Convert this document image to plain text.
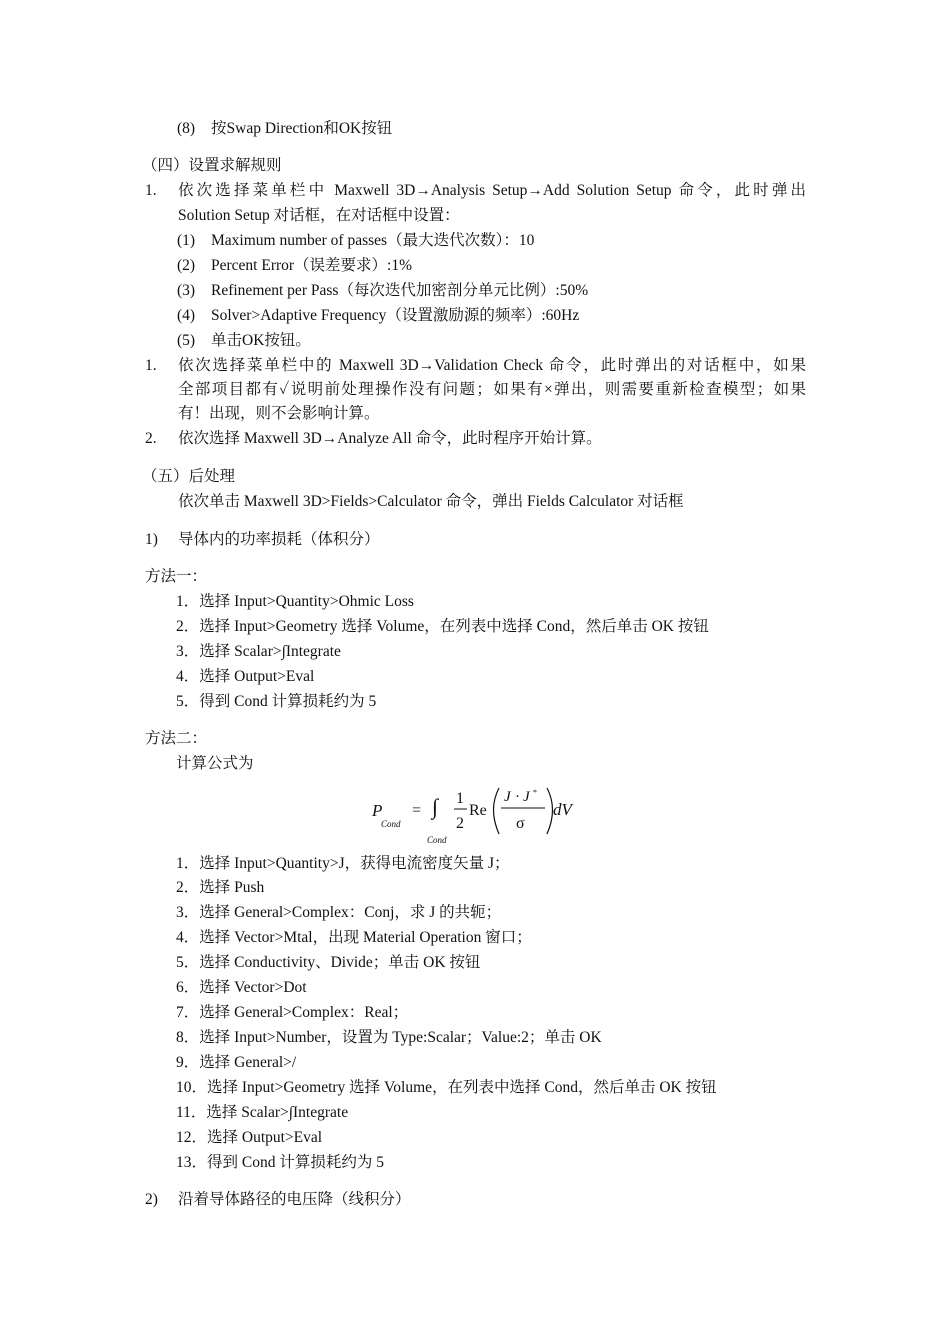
(8) 按Swap Direction和OK按钮
（四）设置求解规则
1. 依次选择菜单栏中 Maxwell 3D→Analysis Setup→Add Solution Setup 命令，此时弹出
Solution Setup 对话框，在对话框中设置：
(1) Maximum number of passes（最大迭代次数）：10
(2) Percent Error（误差要求）:1%
(3) Refinement per Pass（每次迭代加密剖分单元比例）:50%
(4) Solver>Adaptive Frequency（设置激励源的频率）:60Hz
(5) 单击OK按钮。
1. 依次选择菜单栏中的 Maxwell 3D→Validation Check 命令，此时弹出的对话框中，如果
全部项目都有✓说明前处理操作没有问题；如果有×弹出，则需要重新检查模型；如果
有！出现，则不会影响计算。
2. 依次选择 Maxwell 3D→Analyze All 命令，此时程序开始计算。
（五）后处理
依次单击 Maxwell 3D>Fields>Calculator 命令，弹出 Fields Calculator 对话框
1) 导体内的功率损耗（体积分）
方法一：
1．选择 Input>Quantity>Ohmic Loss
2．选择 Input>Geometry 选择 Volume，在列表中选择 Cond，然后单击 OK 按钮
3．选择 Scalar>∫Integrate
4．选择 Output>Eval
5．得到 Cond 计算损耗约为 5
方法二：
计算公式为
P
Cond
= ∫
Cond
1
2
Re
J · J *
σ
dV
1．选择 Input>Quantity>J，获得电流密度矢量 J；
2．选择 Push
3．选择 General>Complex：Conj，求 J 的共轭；
4．选择 Vector>Mtal，出现 Material Operation 窗口；
5．选择 Conductivity、Divide；单击 OK 按钮
6．选择 Vector>Dot
7．选择 General>Complex：Real；
8．选择 Input>Number，设置为 Type:Scalar；Value:2；单击 OK
9．选择 General>/
10．选择 Input>Geometry 选择 Volume，在列表中选择 Cond，然后单击 OK 按钮
11．选择 Scalar>∫Integrate
12．选择 Output>Eval
13．得到 Cond 计算损耗约为 5
2) 沿着导体路径的电压降（线积分）
